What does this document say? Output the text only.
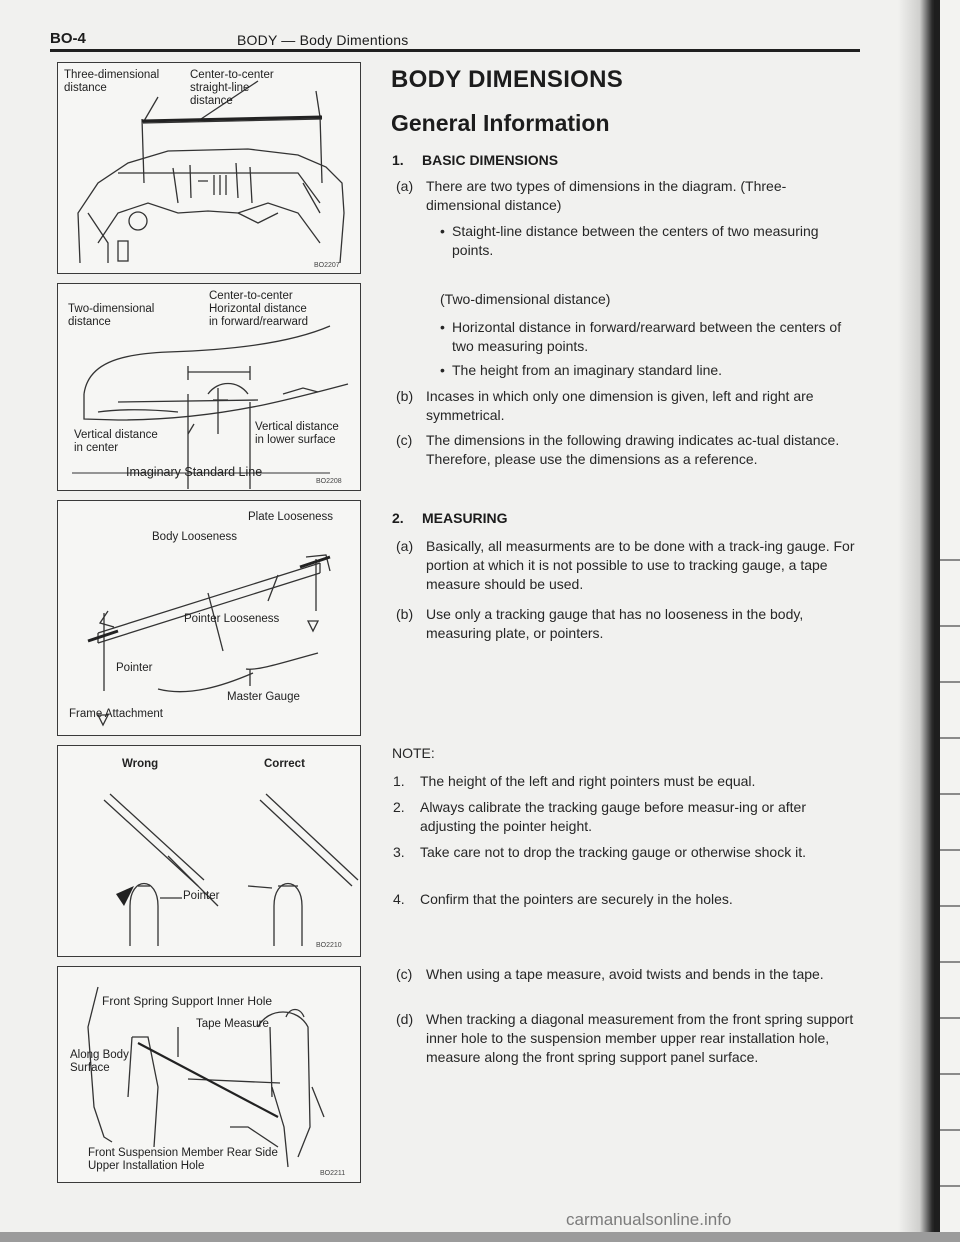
BO-4	BODY — Body Dimentions
Three-dimensional
distance
Center-to-center
straight-line
distance
BO2207
Two-dimensional
distance
Center-to-center
Horizontal distance
in forward/rearward
Vertical distance
in center
Vertical distance
in lower surface
Imaginary Standard Line
BO2208
Plate Looseness
Body Looseness
Pointer Looseness
Pointer
Master Gauge
Frame Attachment
Wrong	Correct
Pointer
BO2210
Front Spring Support Inner Hole
Tape Measure
Along Body
Surface
Front Suspension Member Rear Side
Upper Installation Hole
BO2211
BODY DIMENSIONS
General Information
1. BASIC DIMENSIONS
(a) There are two types of dimensions in the diagram. (Three-dimensional distance)
• Staight-line distance between the centers of two measuring points.
(Two-dimensional distance)
• Horizontal distance in forward/rearward between the centers of two measuring points.
• The height from an imaginary standard line.
(b) Incases in which only one dimension is given, left and right are symmetrical.
(c) The dimensions in the following drawing indicates ac-tual distance. Therefore, please use the dimensions as a reference.
2. MEASURING
(a) Basically, all measurments are to be done with a track-ing gauge. For portion at which it is not possible to use to tracking gauge, a tape measure should be used.
(b) Use only a tracking gauge that has no looseness in the body, measuring plate, or pointers.
NOTE:
1. The height of the left and right pointers must be equal.
2. Always calibrate the tracking gauge before measur-ing or after adjusting the pointer height.
3. Take care not to drop the tracking gauge or otherwise shock it.
4. Confirm that the pointers are securely in the holes.
(c) When using a tape measure, avoid twists and bends in the tape.
(d) When tracking a diagonal measurement from the front spring support inner hole to the suspension member upper rear installation hole, measure along the front spring support panel surface.
carmanualsonline.info
